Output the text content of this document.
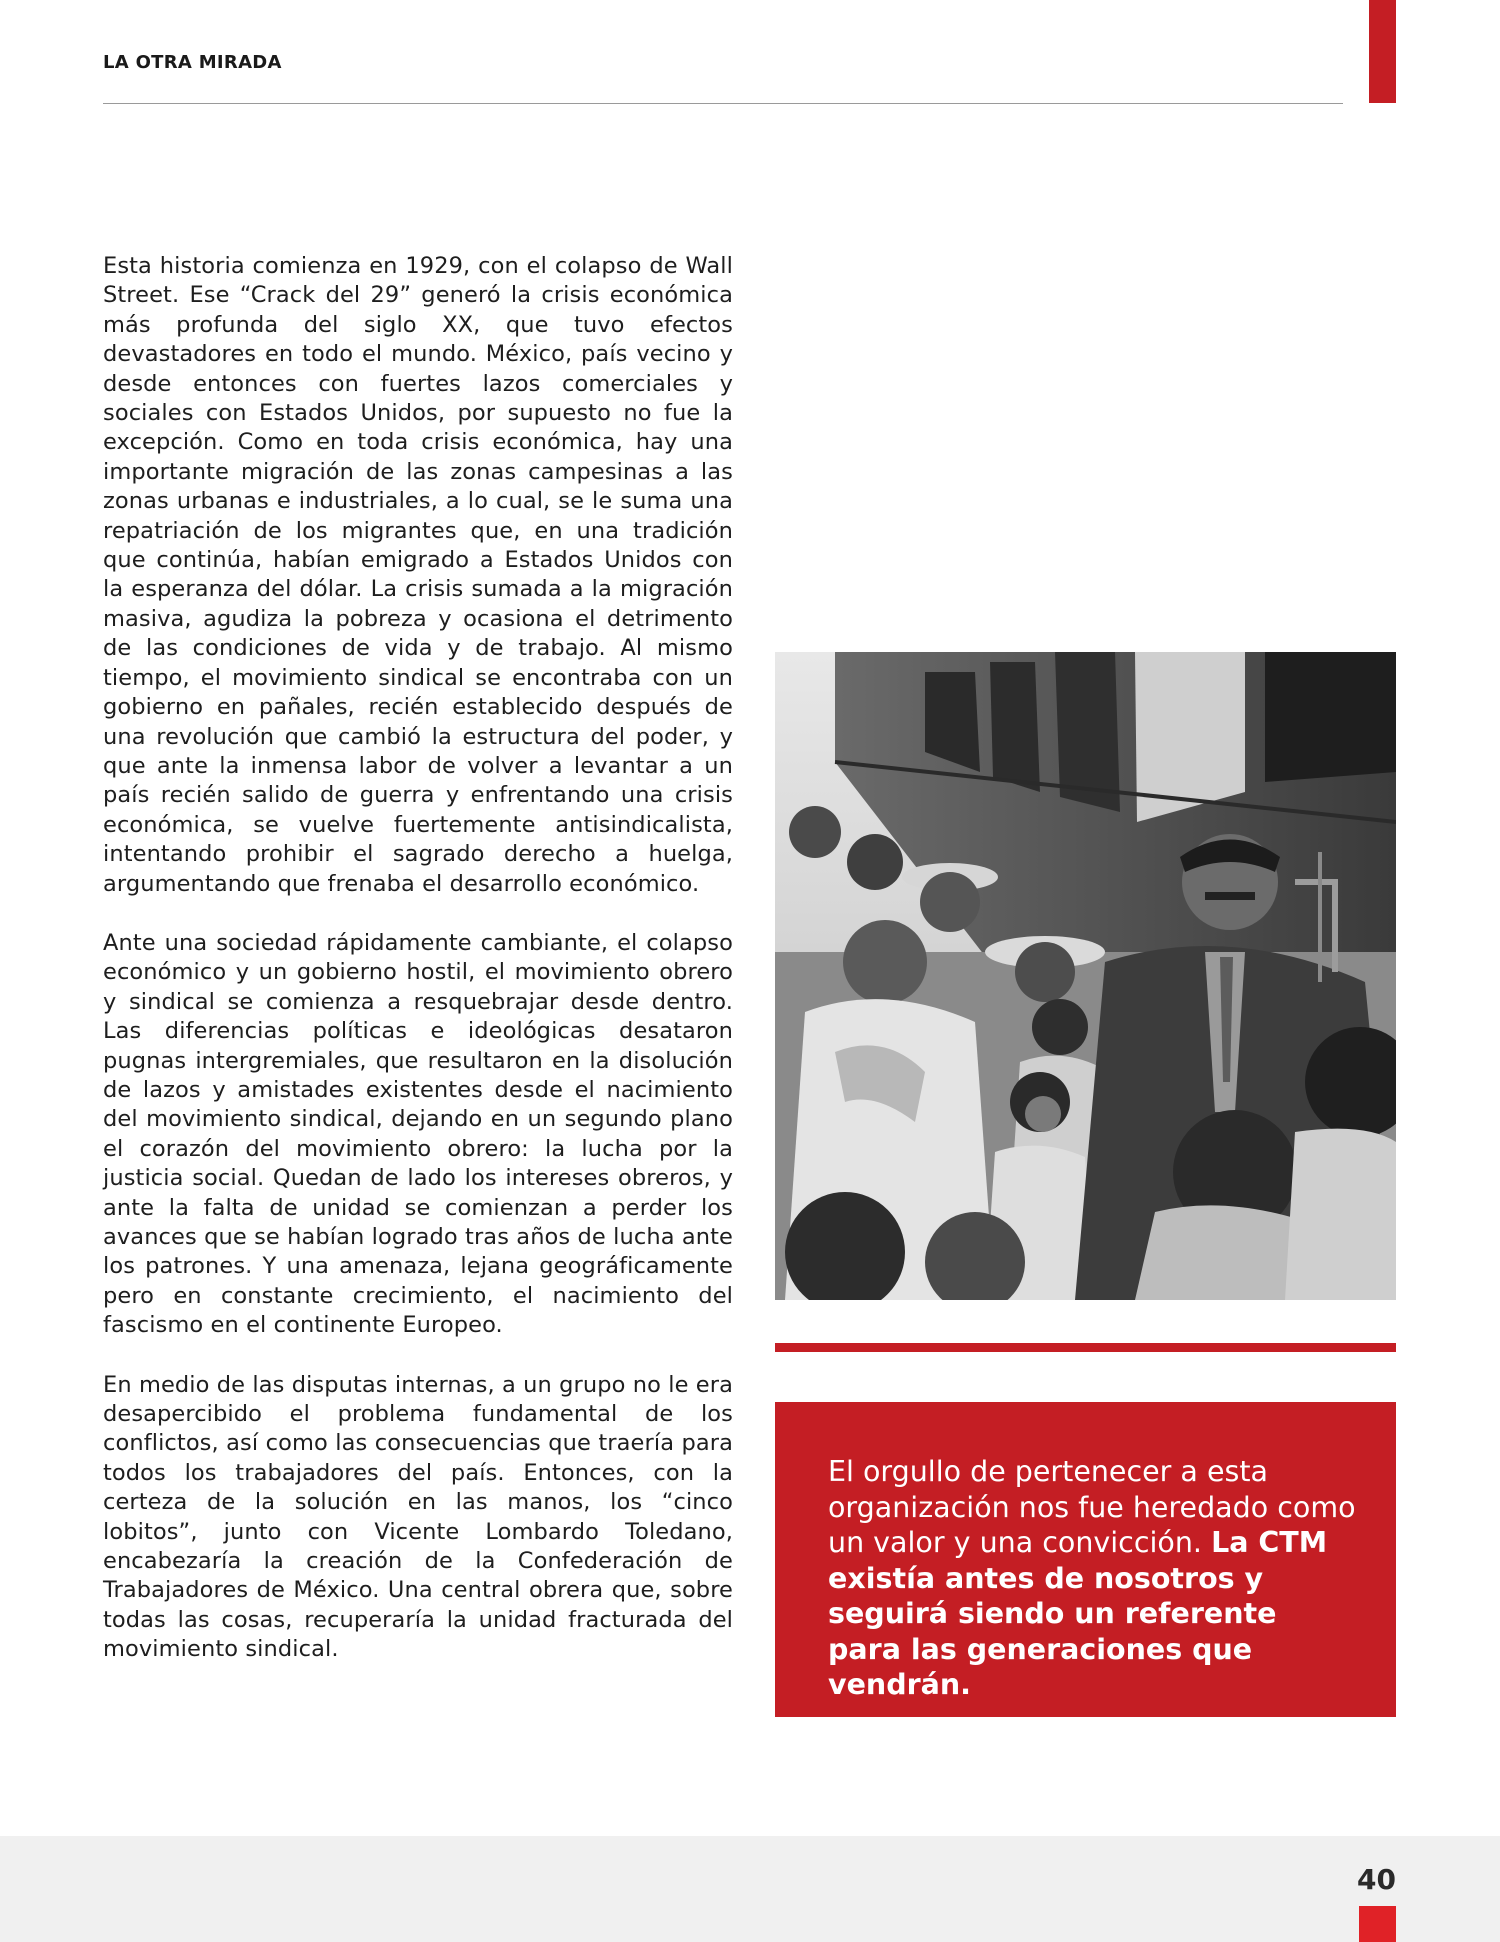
LA OTRA MIRADA

Esta historia comienza en 1929, con el colapso de Wall Street. Ese “Crack del 29” generó la crisis económica más profunda del siglo XX, que tuvo efectos devastadores en todo el mundo. México, país vecino y desde entonces con fuertes lazos comerciales y sociales con Estados Unidos, por supuesto no fue la excepción. Como en toda crisis económica, hay una importante migración de las zonas campesinas a las zonas urbanas e industriales, a lo cual, se le suma una repatriación de los migrantes que, en una tradición que continúa, habían emigrado a Estados Unidos con la esperanza del dólar. La crisis sumada a la migración masiva, agudiza la pobreza y ocasiona el detrimento de las condiciones de vida y de trabajo. Al mismo tiempo, el movimiento sindical se encontraba con un gobierno en pañales, recién establecido después de una revolución que cambió la estructura del poder, y que ante la inmensa labor de volver a levantar a un país recién salido de guerra y enfrentando una crisis económica, se vuelve fuertemente antisindicalista, intentando prohibir el sagrado derecho a huelga, argumentando que frenaba el desarrollo económico.

Ante una sociedad rápidamente cambiante, el colapso económico y un gobierno hostil, el movimiento obrero y sindical se comienza a resquebrajar desde dentro. Las diferencias políticas e ideológicas desataron pugnas intergremiales, que resultaron en la disolución de lazos y amistades existentes desde el nacimiento del movimiento sindical, dejando en un segundo plano el corazón del movimiento obrero: la lucha por la justicia social. Quedan de lado los intereses obreros, y ante la falta de unidad se comienzan a perder los avances que se habían logrado tras años de lucha ante los patrones. Y una amenaza, lejana geográficamente pero en constante crecimiento, el nacimiento del fascismo en el continente Europeo.

En medio de las disputas internas, a un grupo no le era desapercibido el problema fundamental de los conflictos, así como las consecuencias que traería para todos los trabajadores del país. Entonces, con la certeza de la solución en las manos, los “cinco lobitos”, junto con Vicente Lombardo Toledano, encabezaría la creación de la Confederación de Trabajadores de México. Una central obrera que, sobre todas las cosas, recuperaría la unidad fracturada del movimiento sindical.

El orgullo de pertenecer a esta organización nos fue heredado como un valor y una convicción. La CTM existía antes de nosotros y seguirá siendo un referente para las generaciones que vendrán.

40
